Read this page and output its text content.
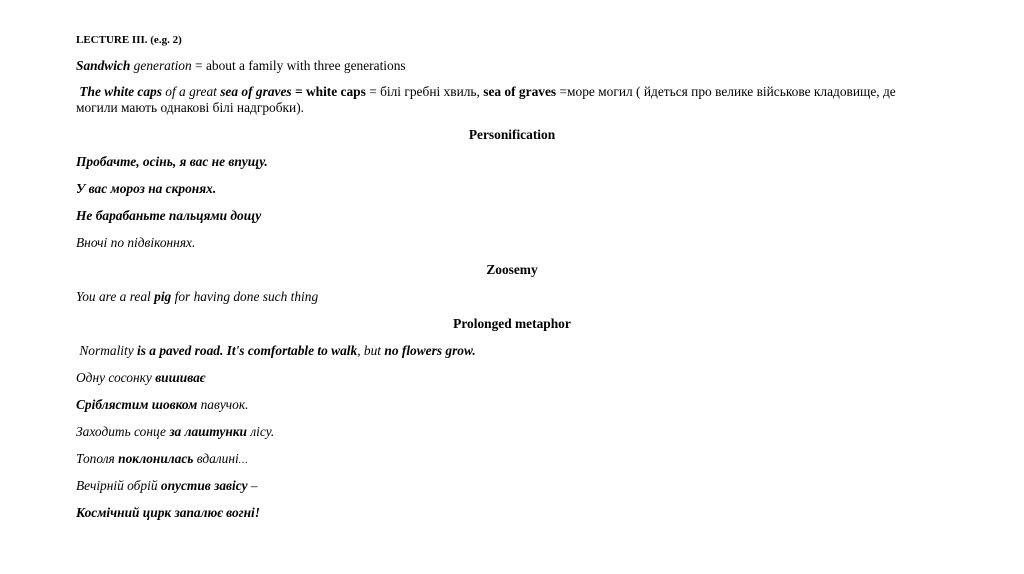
LECTURE III. (e.g. 2)
Sandwich generation = about a family with three generations
The white caps of a great sea of graves = white caps = білі гребні хвиль, sea of graves =море могил ( йдеться про велике військове кладовище, де могили мають однакові білі надгробки).
Personification
Пробачте, осінь, я вас не впущу.
У вас мороз на скронях.
Не барабаньте пальцями дощу
Вночі по підвіконнях.
Zoosemy
You are a real pig for having done such thing
Prolonged metaphor
Normality is a paved road. It's comfortable to walk, but no flowers grow.
Одну сосонку вишиває
Сріблястим шовком павучок.
Заходить сонце за лаштунки лісу.
Тополя поклонилась вдалині…
Вечірній обрій опустив завісу –
Космічний цирк запалює вогні!
